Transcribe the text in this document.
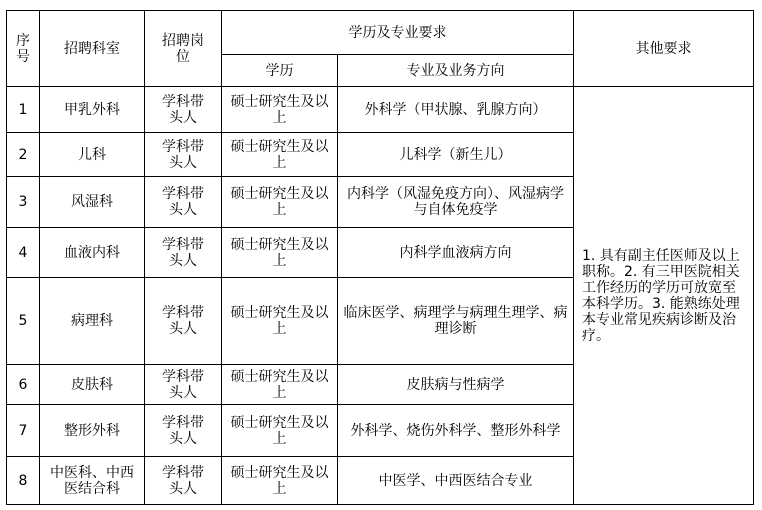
序号	招聘科室	招聘岗位	学历及专业要求		其他要求
			学历	专业及业务方向	
1	甲乳外科	学科带头人	硕士研究生及以上	外科学（甲状腺、乳腺方向）	1. 具有副主任医师及以上职称。2. 有三甲医院相关工作经历的学历可放宽至本科学历。3. 能熟练处理本专业常见疾病诊断及治疗。

2	儿科	学科带头人	硕士研究生及以上	儿科学（新生儿）	
3	风湿科	学科带头人	硕士研究生及以上	内科学（风湿免疫方向）、风湿病学与自体免疫学	
4	血液内科	学科带头人	硕士研究生及以上	内科学血液病方向	
5	病理科	学科带头人	硕士研究生及以上	临床医学、病理学与病理生理学、病理诊断	
6	皮肤科	学科带头人	硕士研究生及以上	皮肤病与性病学	
7	整形外科	学科带头人	硕士研究生及以上	外科学、烧伤外科学、整形外科学	
8	中医科、中西医结合科	学科带头人	硕士研究生及以上	中医学、中西医结合专业	
